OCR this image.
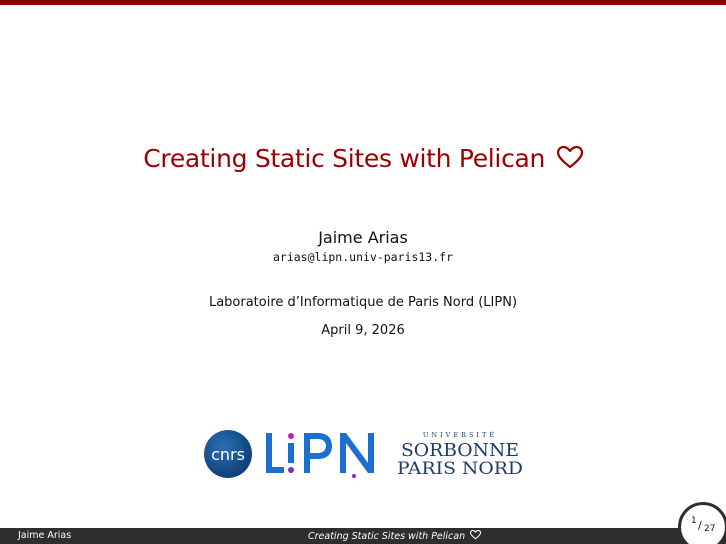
Creating Static Sites with Pelican
Jaime Arias
arias@lipn.univ-paris13.fr
Laboratoire d’Informatique de Paris Nord (LIPN)
April 9, 2026
cnrs
UNIVERSITÉ
SORBONNE
PARIS NORD
Jaime Arias	Creating Static Sites with Pelican
1 / 27
